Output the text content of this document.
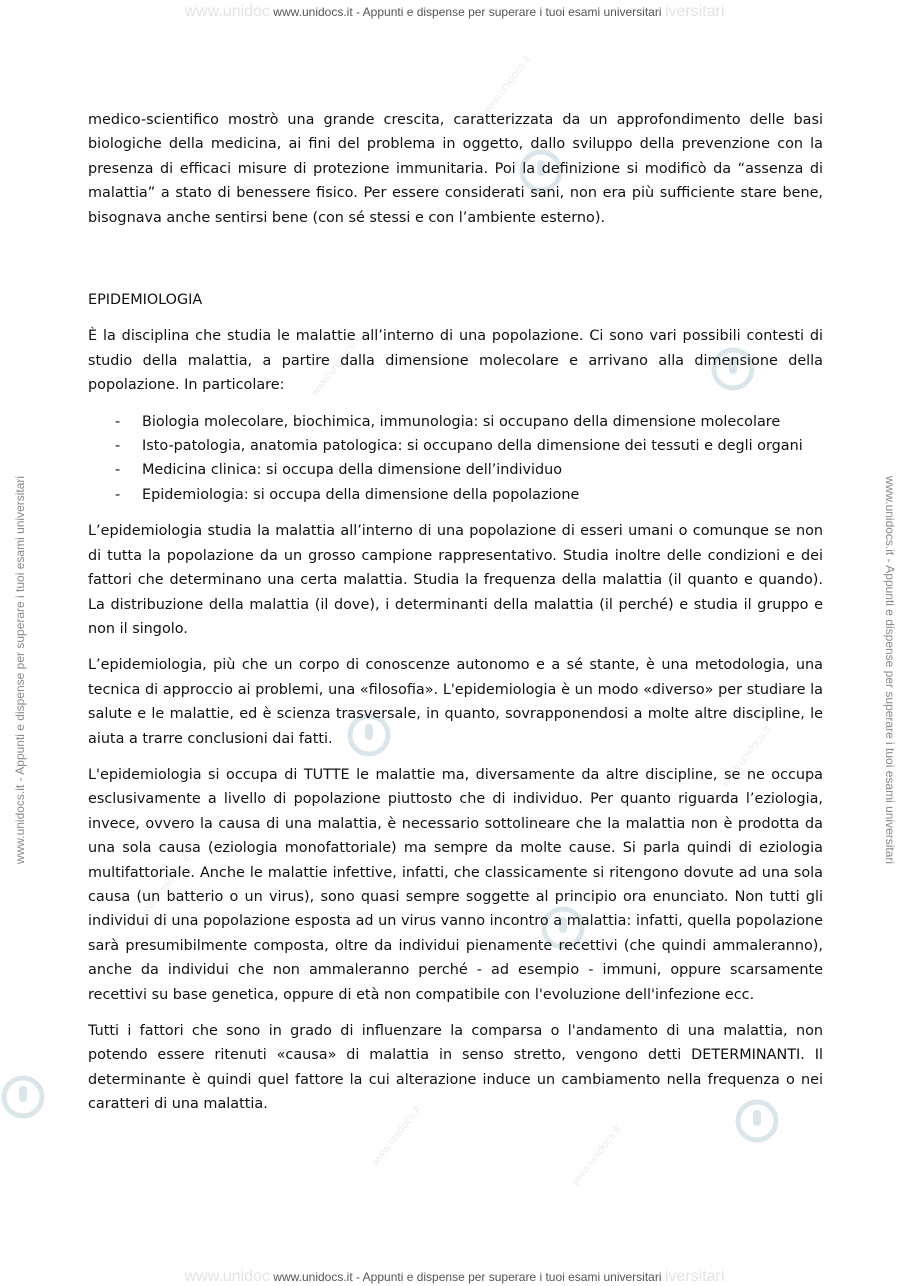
www.unidoc www.unidocs.it - Appunti e dispense per superare i tuoi esami universitari iversitari
www.unidocs.it - Appunti e dispense per superare i tuoi esami universitari	www.unidocs.it - Appunti e dispense per superare i tuoi esami universitari
www.unidocs.it
www.unidocs.it
www.unidocs.it
www.unidocs.it
www.unidocs.it	www.unidocs.it

medico-scientifico mostrò una grande crescita, caratterizzata da un approfondimento delle basi biologiche della medicina, ai fini del problema in oggetto, dallo sviluppo della prevenzione con la presenza di efficaci misure di protezione immunitaria. Poi la definizione si modificò da “assenza di malattia” a stato di benessere fisico. Per essere considerati sani, non era più sufficiente stare bene, bisognava anche sentirsi bene (con sé stessi e con l’ambiente esterno).

EPIDEMIOLOGIA

È la disciplina che studia le malattie all’interno di una popolazione. Ci sono vari possibili contesti di studio della malattia, a partire dalla dimensione molecolare e arrivano alla dimensione della popolazione. In particolare:

- Biologia molecolare, biochimica, immunologia: si occupano della dimensione molecolare
- Isto-patologia, anatomia patologica: si occupano della dimensione dei tessuti e degli organi
- Medicina clinica: si occupa della dimensione dell’individuo
- Epidemiologia: si occupa della dimensione della popolazione

L’epidemiologia studia la malattia all’interno di una popolazione di esseri umani o comunque se non di tutta la popolazione da un grosso campione rappresentativo. Studia inoltre delle condizioni e dei fattori che determinano una certa malattia. Studia la frequenza della malattia (il quanto e quando). La distribuzione della malattia (il dove), i determinanti della malattia (il perché) e studia il gruppo e non il singolo.

L’epidemiologia, più che un corpo di conoscenze autonomo e a sé stante, è una metodologia, una tecnica di approccio ai problemi, una «filosofia». L'epidemiologia è un modo «diverso» per studiare la salute e le malattie, ed è scienza trasversale, in quanto, sovrapponendosi a molte altre discipline, le aiuta a trarre conclusioni dai fatti.

L'epidemiologia si occupa di TUTTE le malattie ma, diversamente da altre discipline, se ne occupa esclusivamente a livello di popolazione piuttosto che di individuo. Per quanto riguarda l’eziologia, invece, ovvero la causa di una malattia, è necessario sottolineare che la malattia non è prodotta da una sola causa (eziologia monofattoriale) ma sempre da molte cause. Si parla quindi di eziologia multifattoriale. Anche le malattie infettive, infatti, che classicamente si ritengono dovute ad una sola causa (un batterio o un virus), sono quasi sempre soggette al principio ora enunciato. Non tutti gli individui di una popolazione esposta ad un virus vanno incontro a malattia: infatti, quella popolazione sarà presumibilmente composta, oltre da individui pienamente recettivi (che quindi ammaleranno), anche da individui che non ammaleranno perché - ad esempio - immuni, oppure scarsamente recettivi su base genetica, oppure di età non compatibile con l'evoluzione dell'infezione ecc.

Tutti i fattori che sono in grado di influenzare la comparsa o l'andamento di una malattia, non potendo essere ritenuti «causa» di malattia in senso stretto, vengono detti DETERMINANTI. Il determinante è quindi quel fattore la cui alterazione induce un cambiamento nella frequenza o nei caratteri di una malattia.

www.unidoc www.unidocs.it - Appunti e dispense per superare i tuoi esami universitari iversitari
